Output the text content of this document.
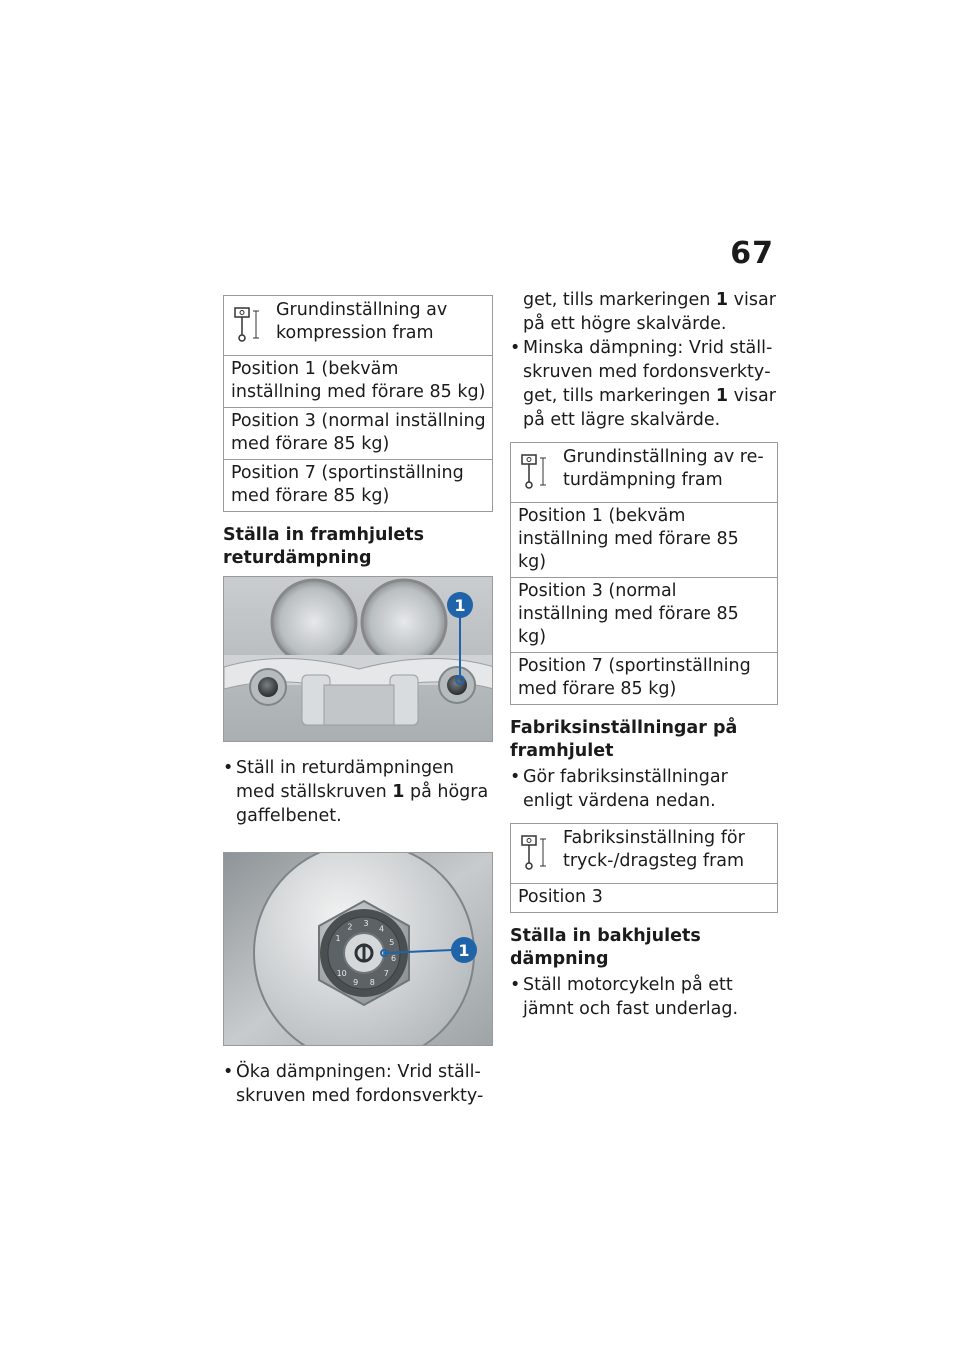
67
Grundinställning av kompression fram
Position 1 (bekväm inställning med förare 85 kg)
Position 3 (normal inställning med förare 85 kg)
Position 7 (sportinställning med förare 85 kg)
Ställa in framhjulets returdämpning
1
• Ställ in returdämpningen med ställskruven 1 på högra gaffelbenet.
1
2 3
4
5
6
7
8
9
10
1
• Öka dämpningen: Vrid ställskruven med fordonsverkty-
get, tills markeringen 1 visar på ett högre skalvärde.
• Minska dämpning: Vrid ställskruven med fordonsverktyget, tills markeringen 1 visar på ett lägre skalvärde.
Grundinställning av returdämpning fram
Position 1 (bekväm inställning med förare 85 kg)
Position 3 (normal inställning med förare 85 kg)
Position 7 (sportinställning med förare 85 kg)
Fabriksinställningar på framhjulet
• Gör fabriksinställningar enligt värdena nedan.
Fabriksinställning för tryck-/dragsteg fram
Position 3
Ställa in bakhjulets dämpning
• Ställ motorcykeln på ett jämnt och fast underlag.
